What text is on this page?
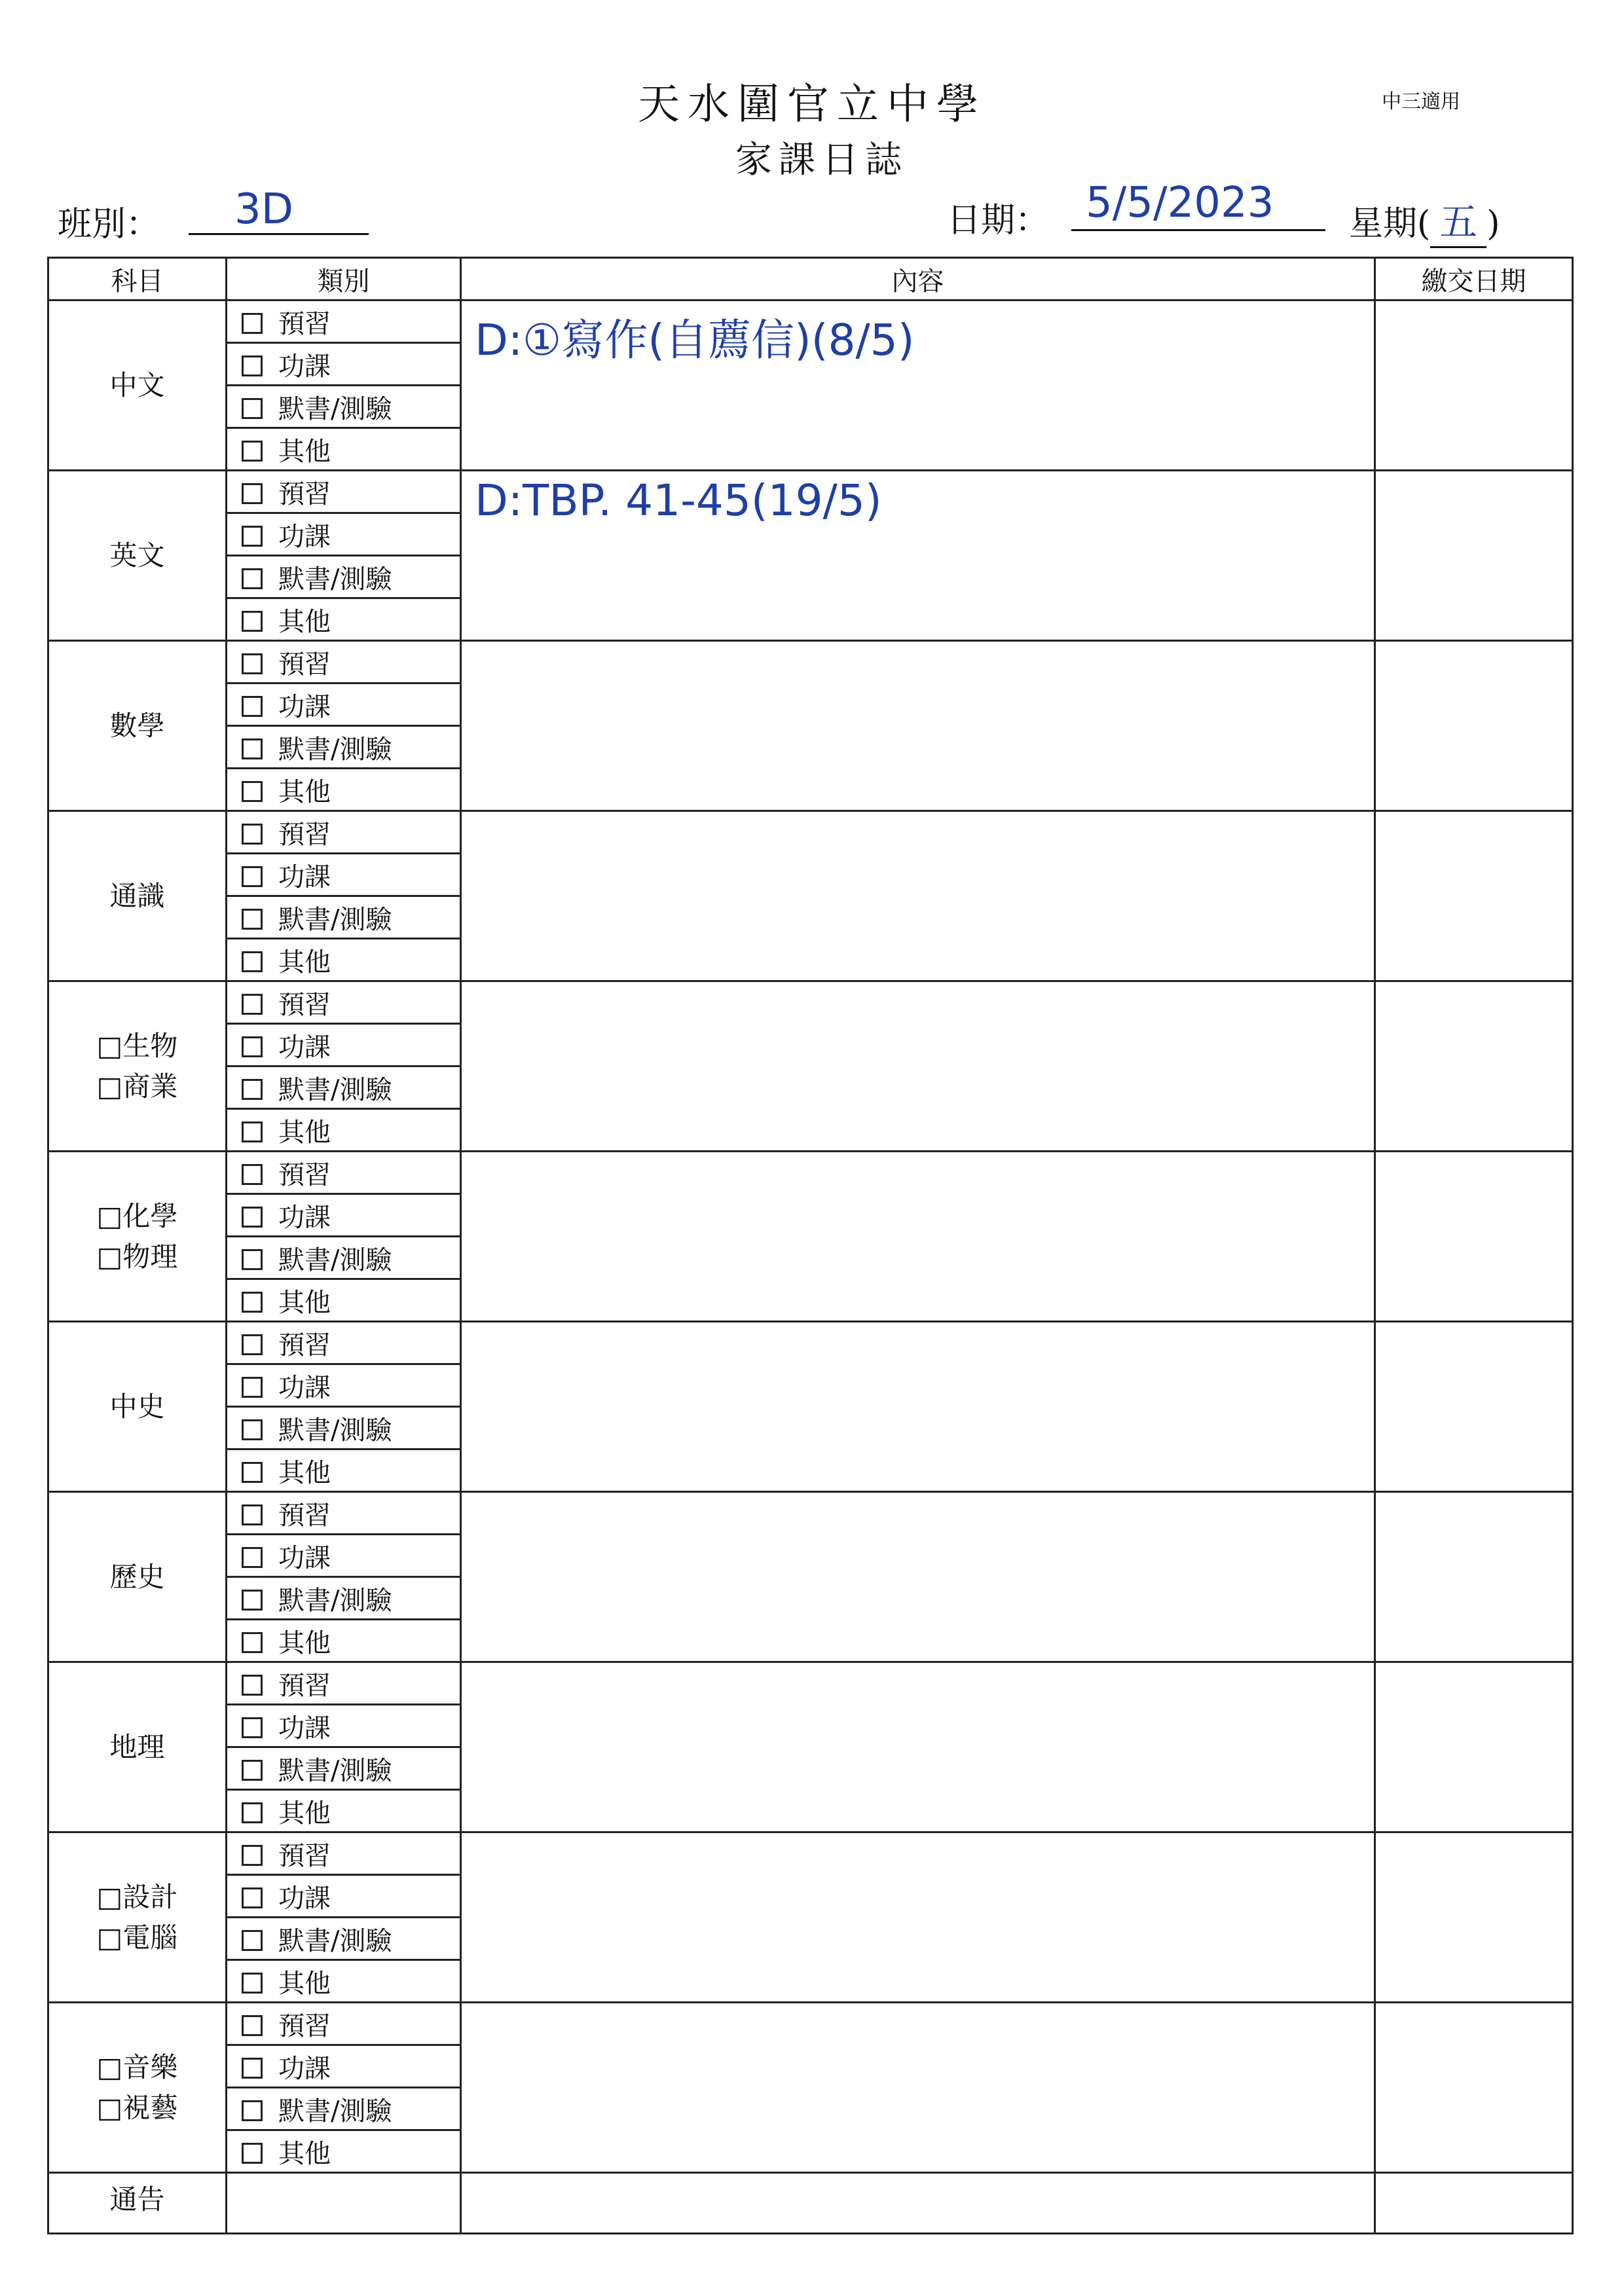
天水圍官立中學
家課日誌
中三適用
班別：	3D	日期： 5/5/2023	星期( 五 )
科目	類別	內容	繳交日期

中文	預習	D:①寫作(自薦信)(8/5)	

	功課		
	默書/測驗		
	其他		

英文	預習	D:TBP. 41-45(19/5)	

	功課		
	默書/測驗		
	其他		

數學	預習	

	功課		
	默書/測驗		
	其他		

通識	預習	

	功課		
	默書/測驗		
	其他		

□生物
□商業	預習	

	功課		
	默書/測驗		
	其他		

□化學
□物理	預習	

	功課		
	默書/測驗		
	其他		

中史	預習	

	功課		
	默書/測驗		
	其他		

歷史	預習	

	功課		
	默書/測驗		
	其他		

地理	預習	

	功課		
	默書/測驗		
	其他		

□設計
□電腦	預習	

	功課		
	默書/測驗		
	其他		

□音樂
□視藝	預習	

	功課		
	默書/測驗		
	其他		
通告			
